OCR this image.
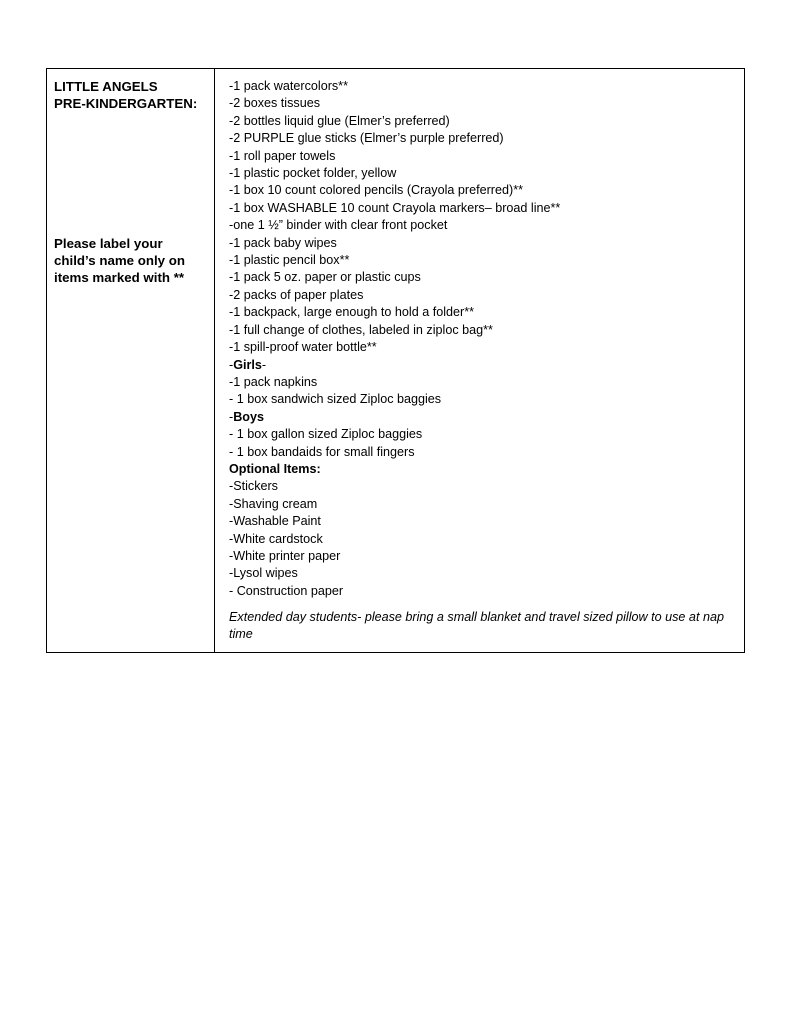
LITTLE ANGELS
PRE-KINDERGARTEN:
Please label your
child’s name only on
items marked with **
-1 pack watercolors**
-2 boxes tissues
-2 bottles liquid glue (Elmer’s preferred)
-2 PURPLE glue sticks (Elmer’s purple preferred)
-1 roll paper towels
-1 plastic pocket folder, yellow
-1 box 10 count colored pencils (Crayola preferred)**
-1 box WASHABLE 10 count Crayola markers– broad line**
-one 1 ½” binder with clear front pocket
-1 pack baby wipes
-1 plastic pencil box**
-1 pack 5 oz. paper or plastic cups
-2 packs of paper plates
-1 backpack, large enough to hold a folder**
-1 full change of clothes, labeled in ziploc bag**
-1 spill-proof water bottle**
-Girls-
-1 pack napkins
- 1 box sandwich sized Ziploc baggies
-Boys
- 1 box gallon sized Ziploc baggies
- 1 box bandaids for small fingers
Optional Items:
-Stickers
-Shaving cream
-Washable Paint
-White cardstock
-White printer paper
-Lysol wipes
- Construction paper
Extended day students- please bring a small blanket and travel sized pillow to use at nap time
